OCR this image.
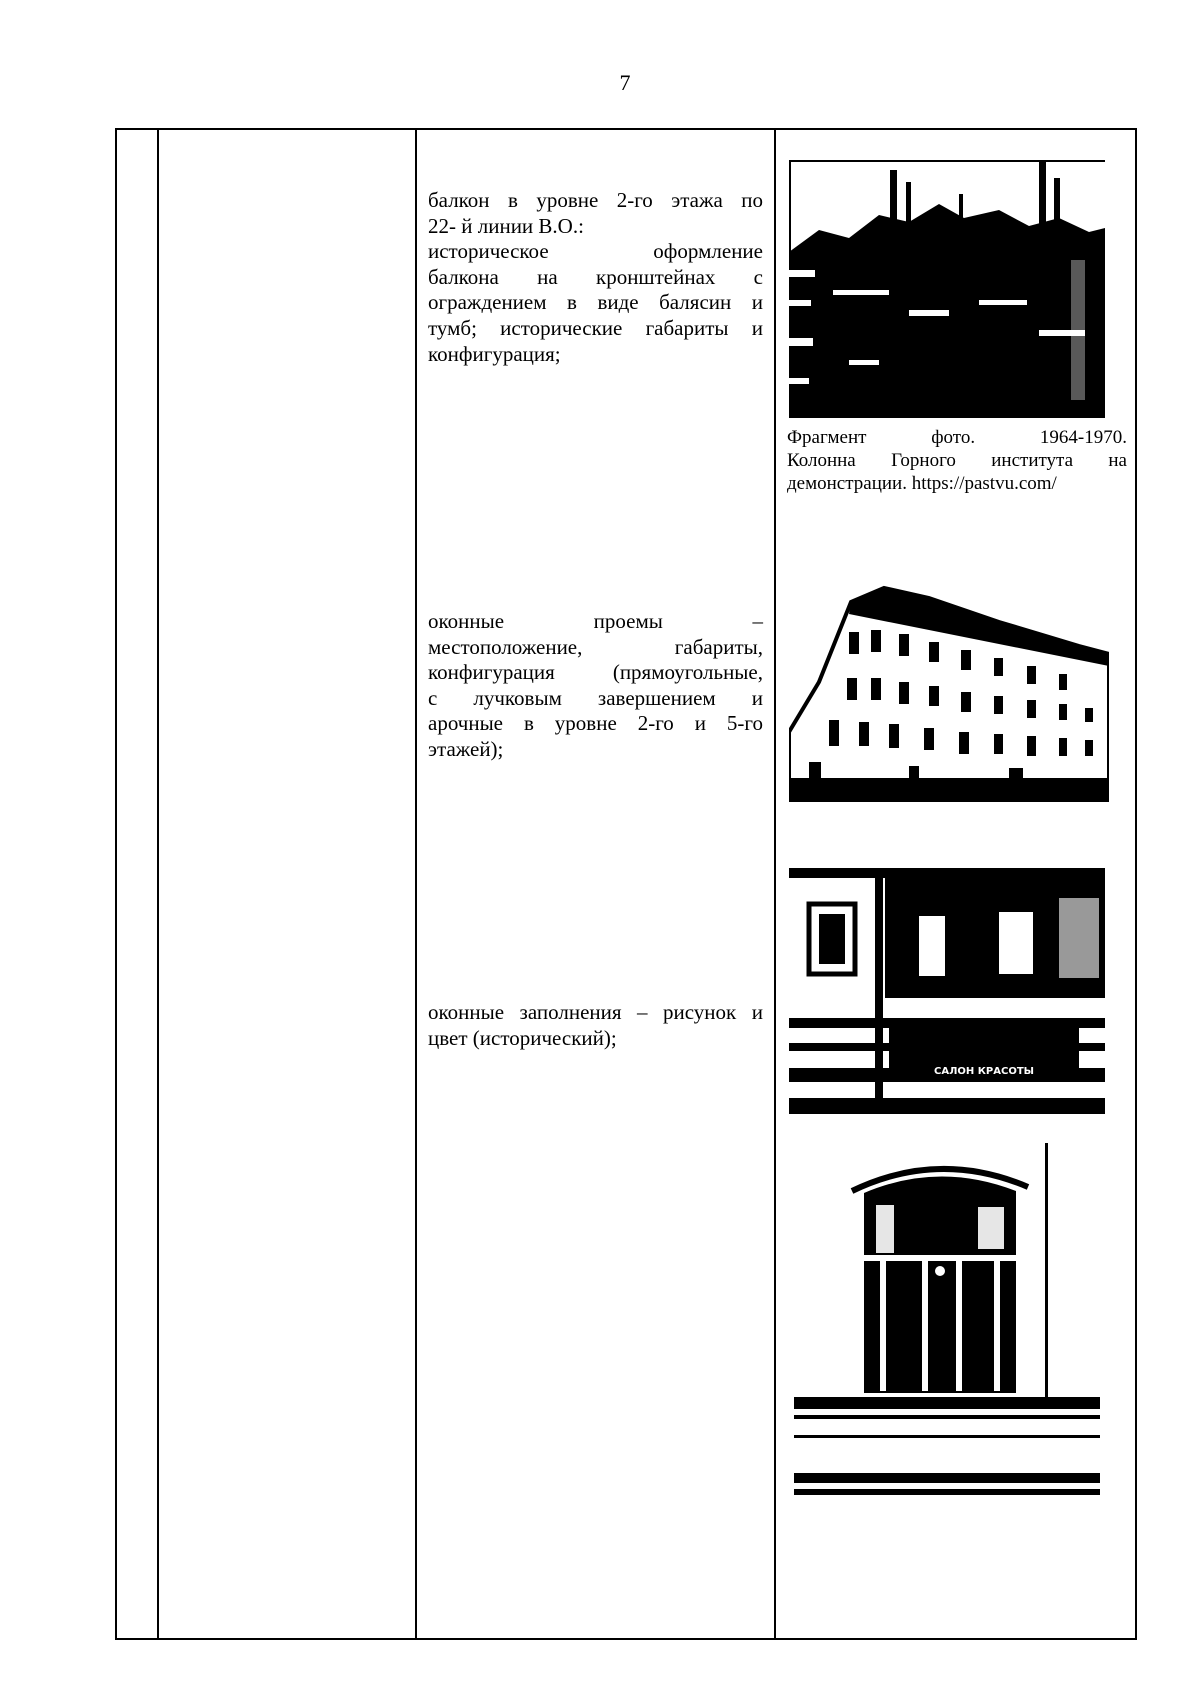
7
балкон в уровне 2-го этажа по
22- й линии В.О.:
историческое оформление
балкона на кронштейнах с
ограждением в виде балясин и
тумб; исторические габариты и
конфигурация;
оконные проемы –
местоположение, габариты,
конфигурация (прямоугольные,
с лучковым завершением и
арочные в уровне 2-го и 5-го
этажей);
оконные заполнения – рисунок и
цвет (исторический);
Фрагмент фото. 1964-1970.
Колонна Горного института на
демонстрации. https://pastvu.com/
САЛОН КРАСОТЫ
